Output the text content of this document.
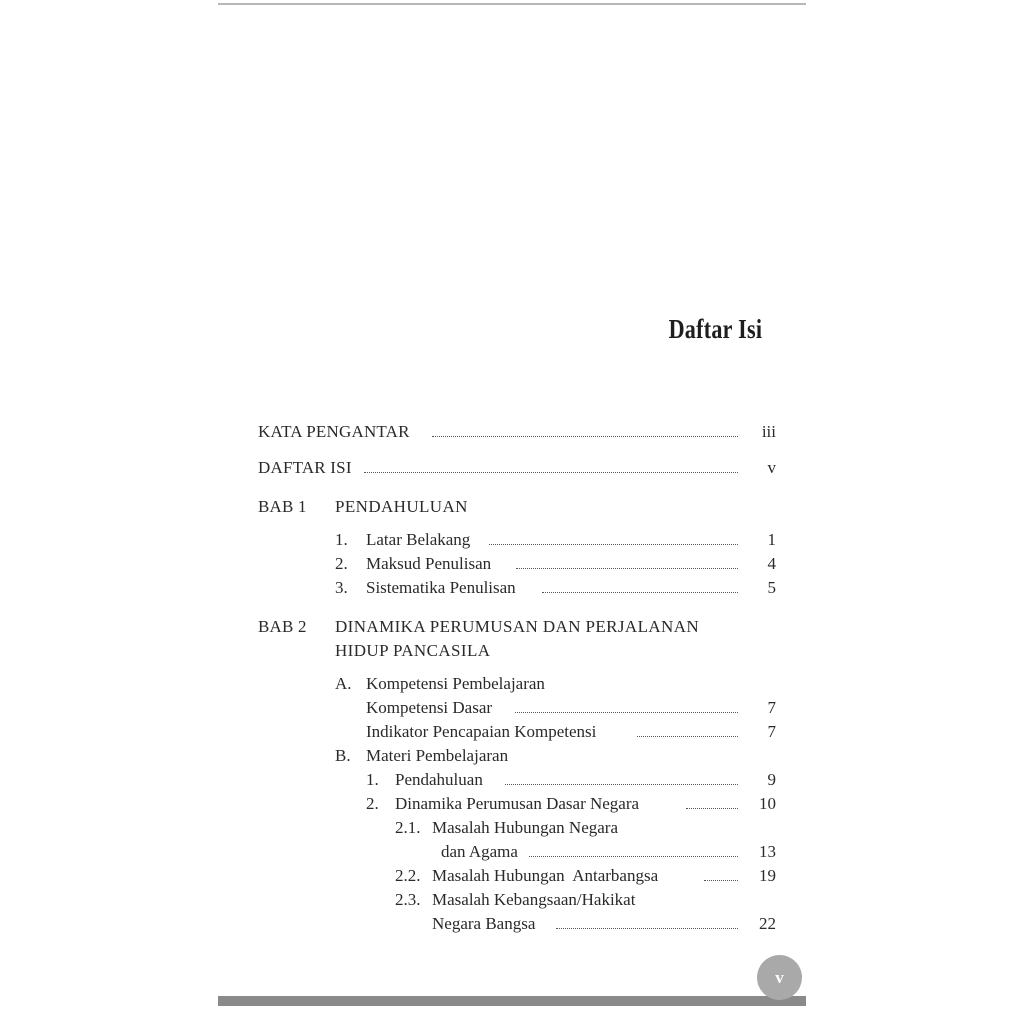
Daftar Isi
KATA PENGANTAR	iii
DAFTAR ISI	v
BAB 1 PENDAHULUAN
1. Latar Belakang	1
2. Maksud Penulisan	4
3. Sistematika Penulisan	5
BAB 2 DINAMIKA PERUMUSAN DAN PERJALANAN
HIDUP PANCASILA
A. Kompetensi Pembelajaran
Kompetensi Dasar	7
Indikator Pencapaian Kompetensi	7
B. Materi Pembelajaran
1. Pendahuluan	9
2. Dinamika Perumusan Dasar Negara	10
2.1. Masalah Hubungan Negara
dan Agama	13
2.2. Masalah Hubungan  Antarbangsa	19
2.3. Masalah Kebangsaan/Hakikat
Negara Bangsa	22
v
